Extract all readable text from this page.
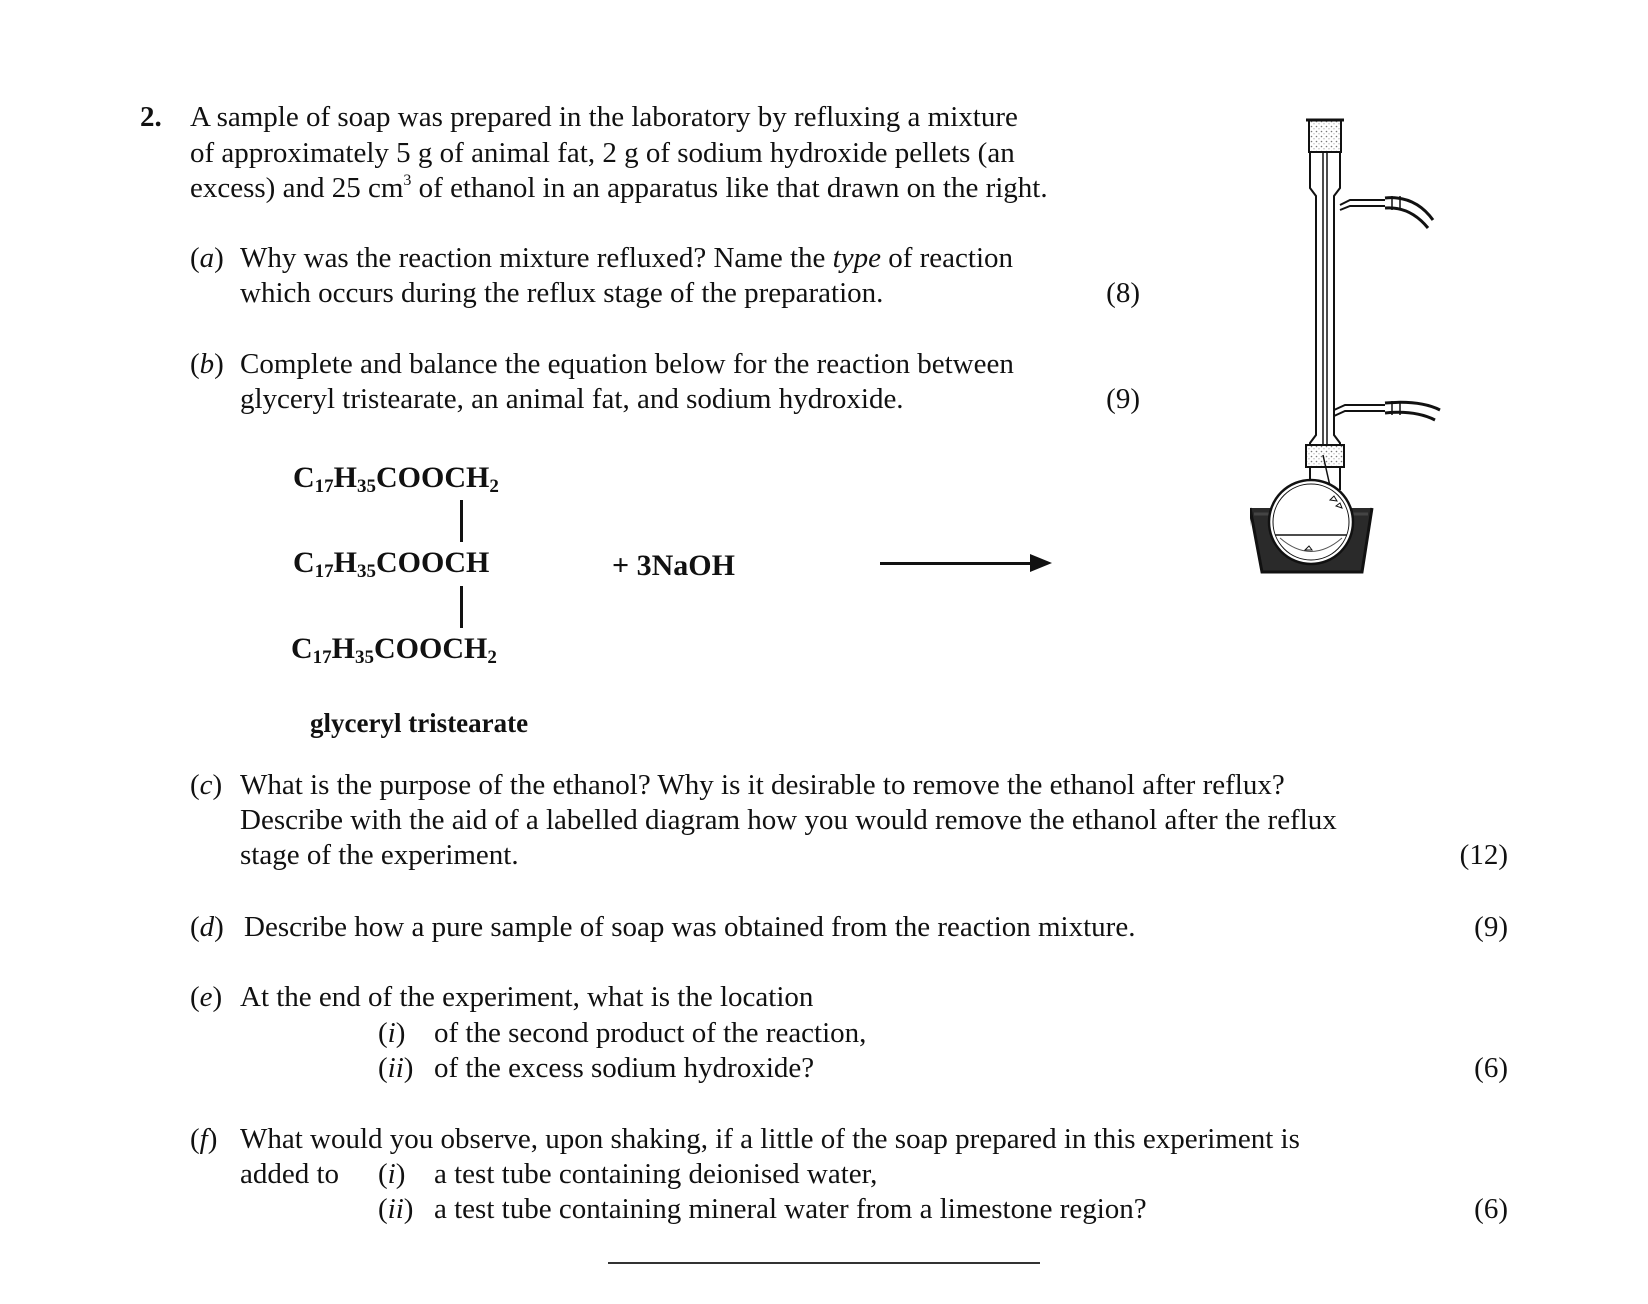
2. A sample of soap was prepared in the laboratory by refluxing a mixture
of approximately 5 g of animal fat, 2 g of sodium hydroxide pellets (an
excess) and 25 $cm^3$ of ethanol in an apparatus like that drawn on the right.
(a) Why was the reaction mixture refluxed? Name the type of reaction
which occurs during the reflux stage of the preparation.	(8)
(b) Complete and balance the equation below for the reaction between
glyceryl tristearate, an animal fat, and sodium hydroxide.	(9)
$C_{17}H_{35}COOCH_2$
$C_{17}H_{35}COOCH$
$C_{17}H_{35}COOCH_2$
+ 3NaOH
glyceryl tristearate
(c) What is the purpose of the ethanol? Why is it desirable to remove the ethanol after reflux?
Describe with the aid of a labelled diagram how you would remove the ethanol after the reflux
stage of the experiment.	(12)
(d) Describe how a pure sample of soap was obtained from the reaction mixture.	(9)
(e) At the end of the experiment, what is the location
(i) of the second product of the reaction,
(ii) of the excess sodium hydroxide?	(6)
(f) What would you observe, upon shaking, if a little of the soap prepared in this experiment is
added to (i) a test tube containing deionised water,
(ii) a test tube containing mineral water from a limestone region?	(6)
